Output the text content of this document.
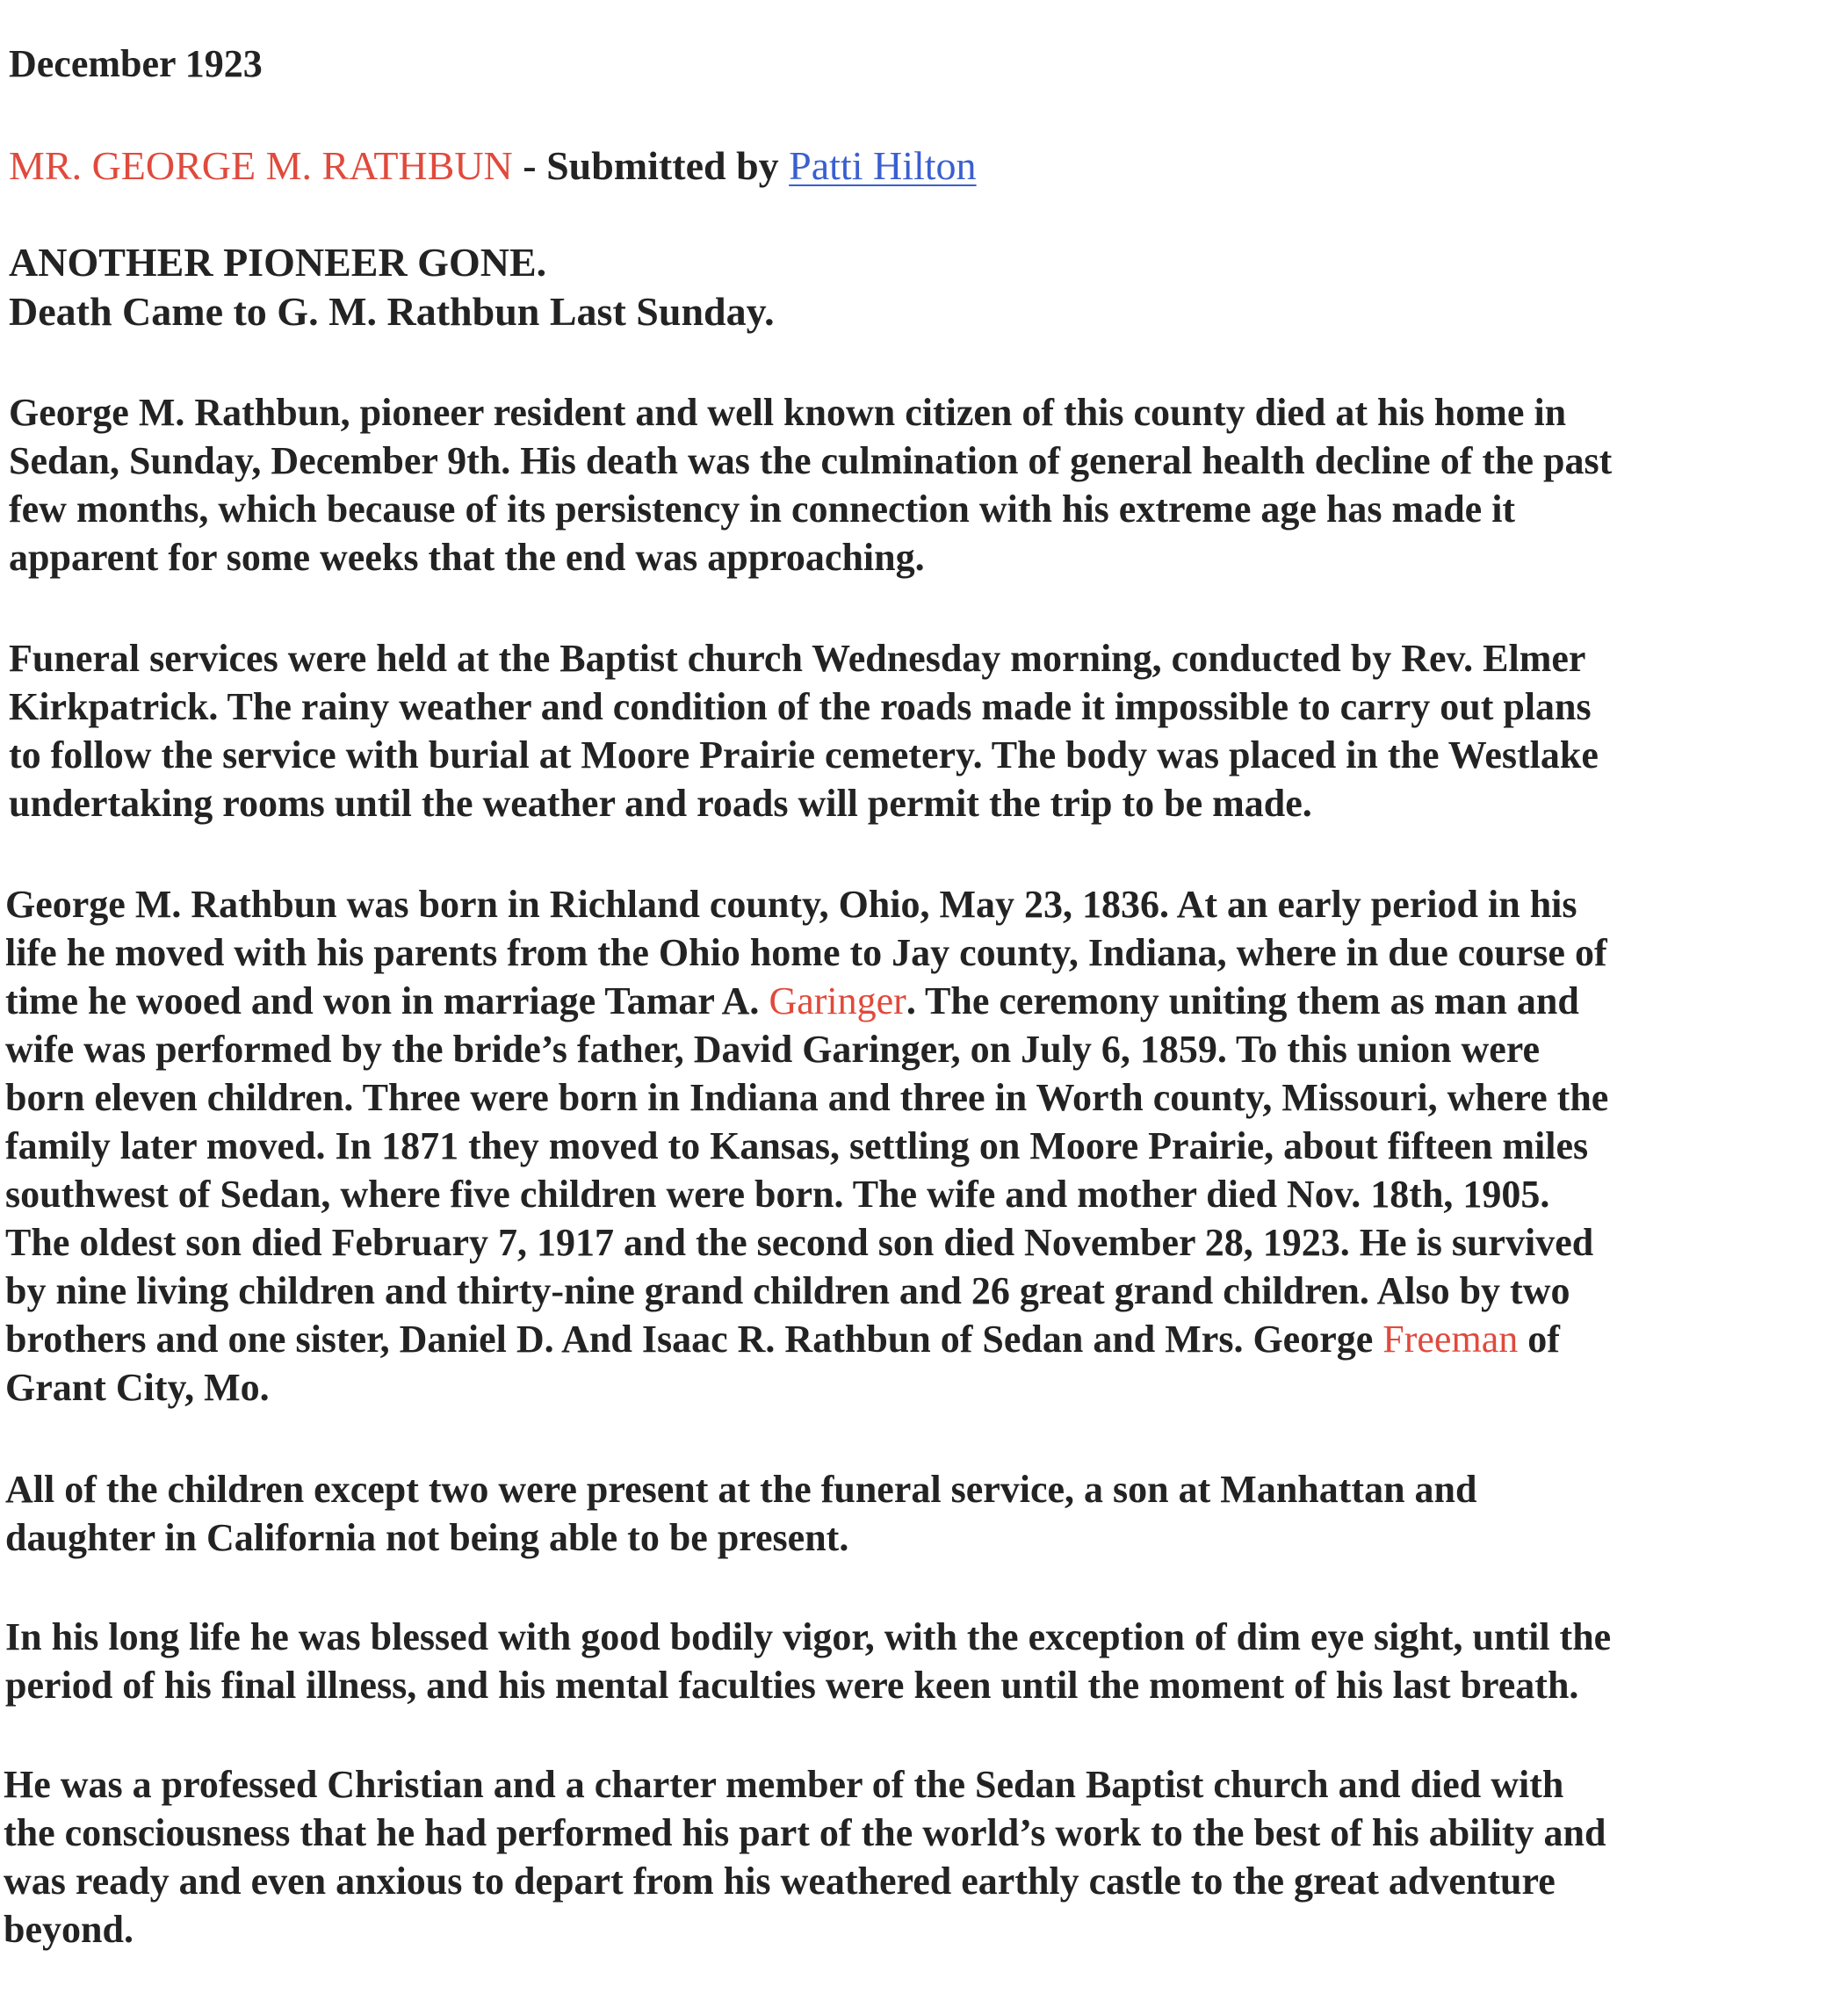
December 1923
MR. GEORGE M. RATHBUN - Submitted by Patti Hilton
ANOTHER PIONEER GONE.
Death Came to G. M. Rathbun Last Sunday.
George M. Rathbun, pioneer resident and well known citizen of this county died at his home in
Sedan, Sunday, December 9th. His death was the culmination of general health decline of the past
few months, which because of its persistency in connection with his extreme age has made it
apparent for some weeks that the end was approaching.
Funeral services were held at the Baptist church Wednesday morning, conducted by Rev. Elmer
Kirkpatrick. The rainy weather and condition of the roads made it impossible to carry out plans
to follow the service with burial at Moore Prairie cemetery. The body was placed in the Westlake
undertaking rooms until the weather and roads will permit the trip to be made.
George M. Rathbun was born in Richland county, Ohio, May 23, 1836. At an early period in his
life he moved with his parents from the Ohio home to Jay county, Indiana, where in due course of
time he wooed and won in marriage Tamar A. Garinger. The ceremony uniting them as man and
wife was performed by the bride’s father, David Garinger, on July 6, 1859. To this union were
born eleven children. Three were born in Indiana and three in Worth county, Missouri, where the
family later moved. In 1871 they moved to Kansas, settling on Moore Prairie, about fifteen miles
southwest of Sedan, where five children were born. The wife and mother died Nov. 18th, 1905.
The oldest son died February 7, 1917 and the second son died November 28, 1923. He is survived
by nine living children and thirty-nine grand children and 26 great grand children. Also by two
brothers and one sister, Daniel D. And Isaac R. Rathbun of Sedan and Mrs. George Freeman of
Grant City, Mo.
All of the children except two were present at the funeral service, a son at Manhattan and
daughter in California not being able to be present.
In his long life he was blessed with good bodily vigor, with the exception of dim eye sight, until the
period of his final illness, and his mental faculties were keen until the moment of his last breath.
He was a professed Christian and a charter member of the Sedan Baptist church and died with
the consciousness that he had performed his part of the world’s work to the best of his ability and
was ready and even anxious to depart from his weathered earthly castle to the great adventure
beyond.
